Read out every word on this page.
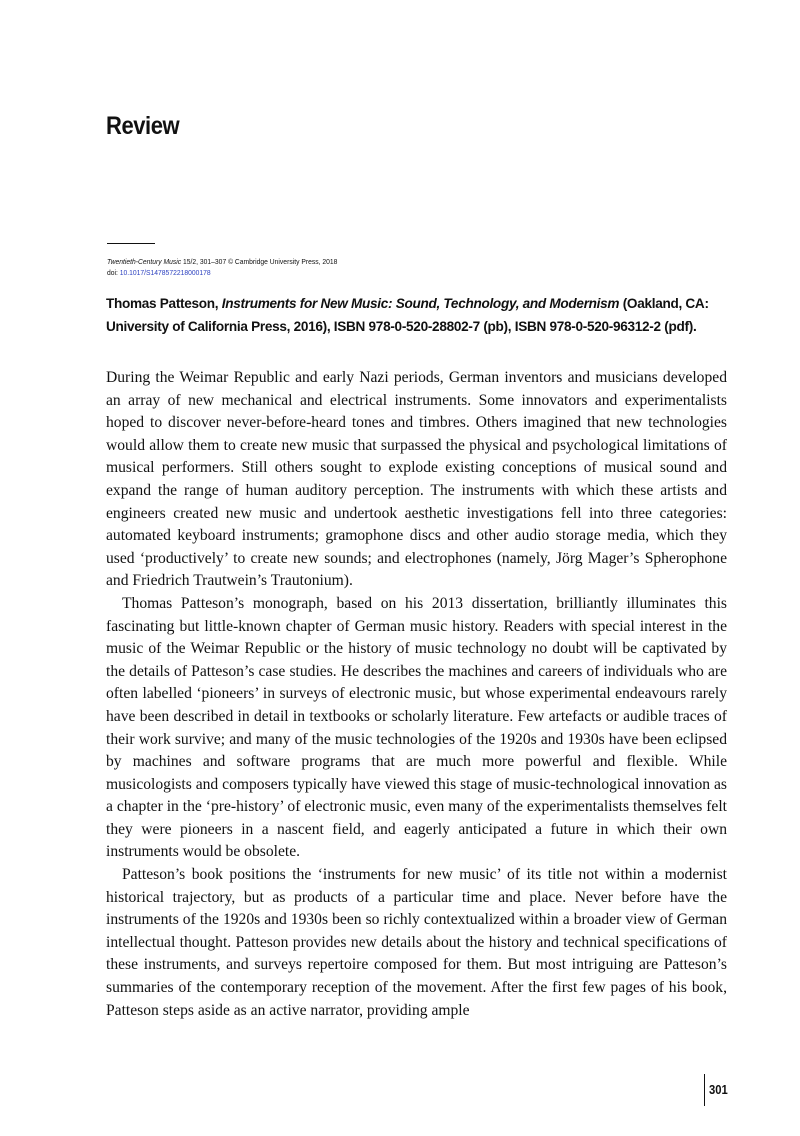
Review
Twentieth-Century Music 15/2, 301–307 © Cambridge University Press, 2018
doi: 10.1017/S1478572218000178
Thomas Patteson, Instruments for New Music: Sound, Technology, and Modernism (Oakland, CA: University of California Press, 2016), ISBN 978-0-520-28802-7 (pb), ISBN 978-0-520-96312-2 (pdf).

During the Weimar Republic and early Nazi periods, German inventors and musicians developed an array of new mechanical and electrical instruments. Some innovators and experimentalists hoped to discover never-before-heard tones and timbres. Others imagined that new technologies would allow them to create new music that surpassed the physical and psychological limitations of musical performers. Still others sought to explode existing conceptions of musical sound and expand the range of human auditory perception. The instruments with which these artists and engineers created new music and undertook aesthetic investigations fell into three categories: automated keyboard instruments; gramophone discs and other audio storage media, which they used ‘productively’ to create new sounds; and electrophones (namely, Jörg Mager’s Spherophone and Friedrich Trautwein’s Trautonium).

Thomas Patteson’s monograph, based on his 2013 dissertation, brilliantly illuminates this fascinating but little-known chapter of German music history. Readers with special interest in the music of the Weimar Republic or the history of music technology no doubt will be captivated by the details of Patteson’s case studies. He describes the machines and careers of individuals who are often labelled ‘pioneers’ in surveys of electronic music, but whose experimental endeavours rarely have been described in detail in textbooks or scholarly literature. Few artefacts or audible traces of their work survive; and many of the music technologies of the 1920s and 1930s have been eclipsed by machines and software programs that are much more powerful and flexible. While musicologists and composers typically have viewed this stage of music-technological innovation as a chapter in the ‘pre-history’ of electronic music, even many of the experimentalists themselves felt they were pioneers in a nascent field, and eagerly anticipated a future in which their own instruments would be obsolete.

Patteson’s book positions the ‘instruments for new music’ of its title not within a modernist historical trajectory, but as products of a particular time and place. Never before have the instruments of the 1920s and 1930s been so richly contextualized within a broader view of German intellectual thought. Patteson provides new details about the history and technical specifications of these instruments, and surveys repertoire composed for them. But most intriguing are Patteson’s summaries of the contemporary reception of the movement. After the first few pages of his book, Patteson steps aside as an active narrator, providing ample

301
